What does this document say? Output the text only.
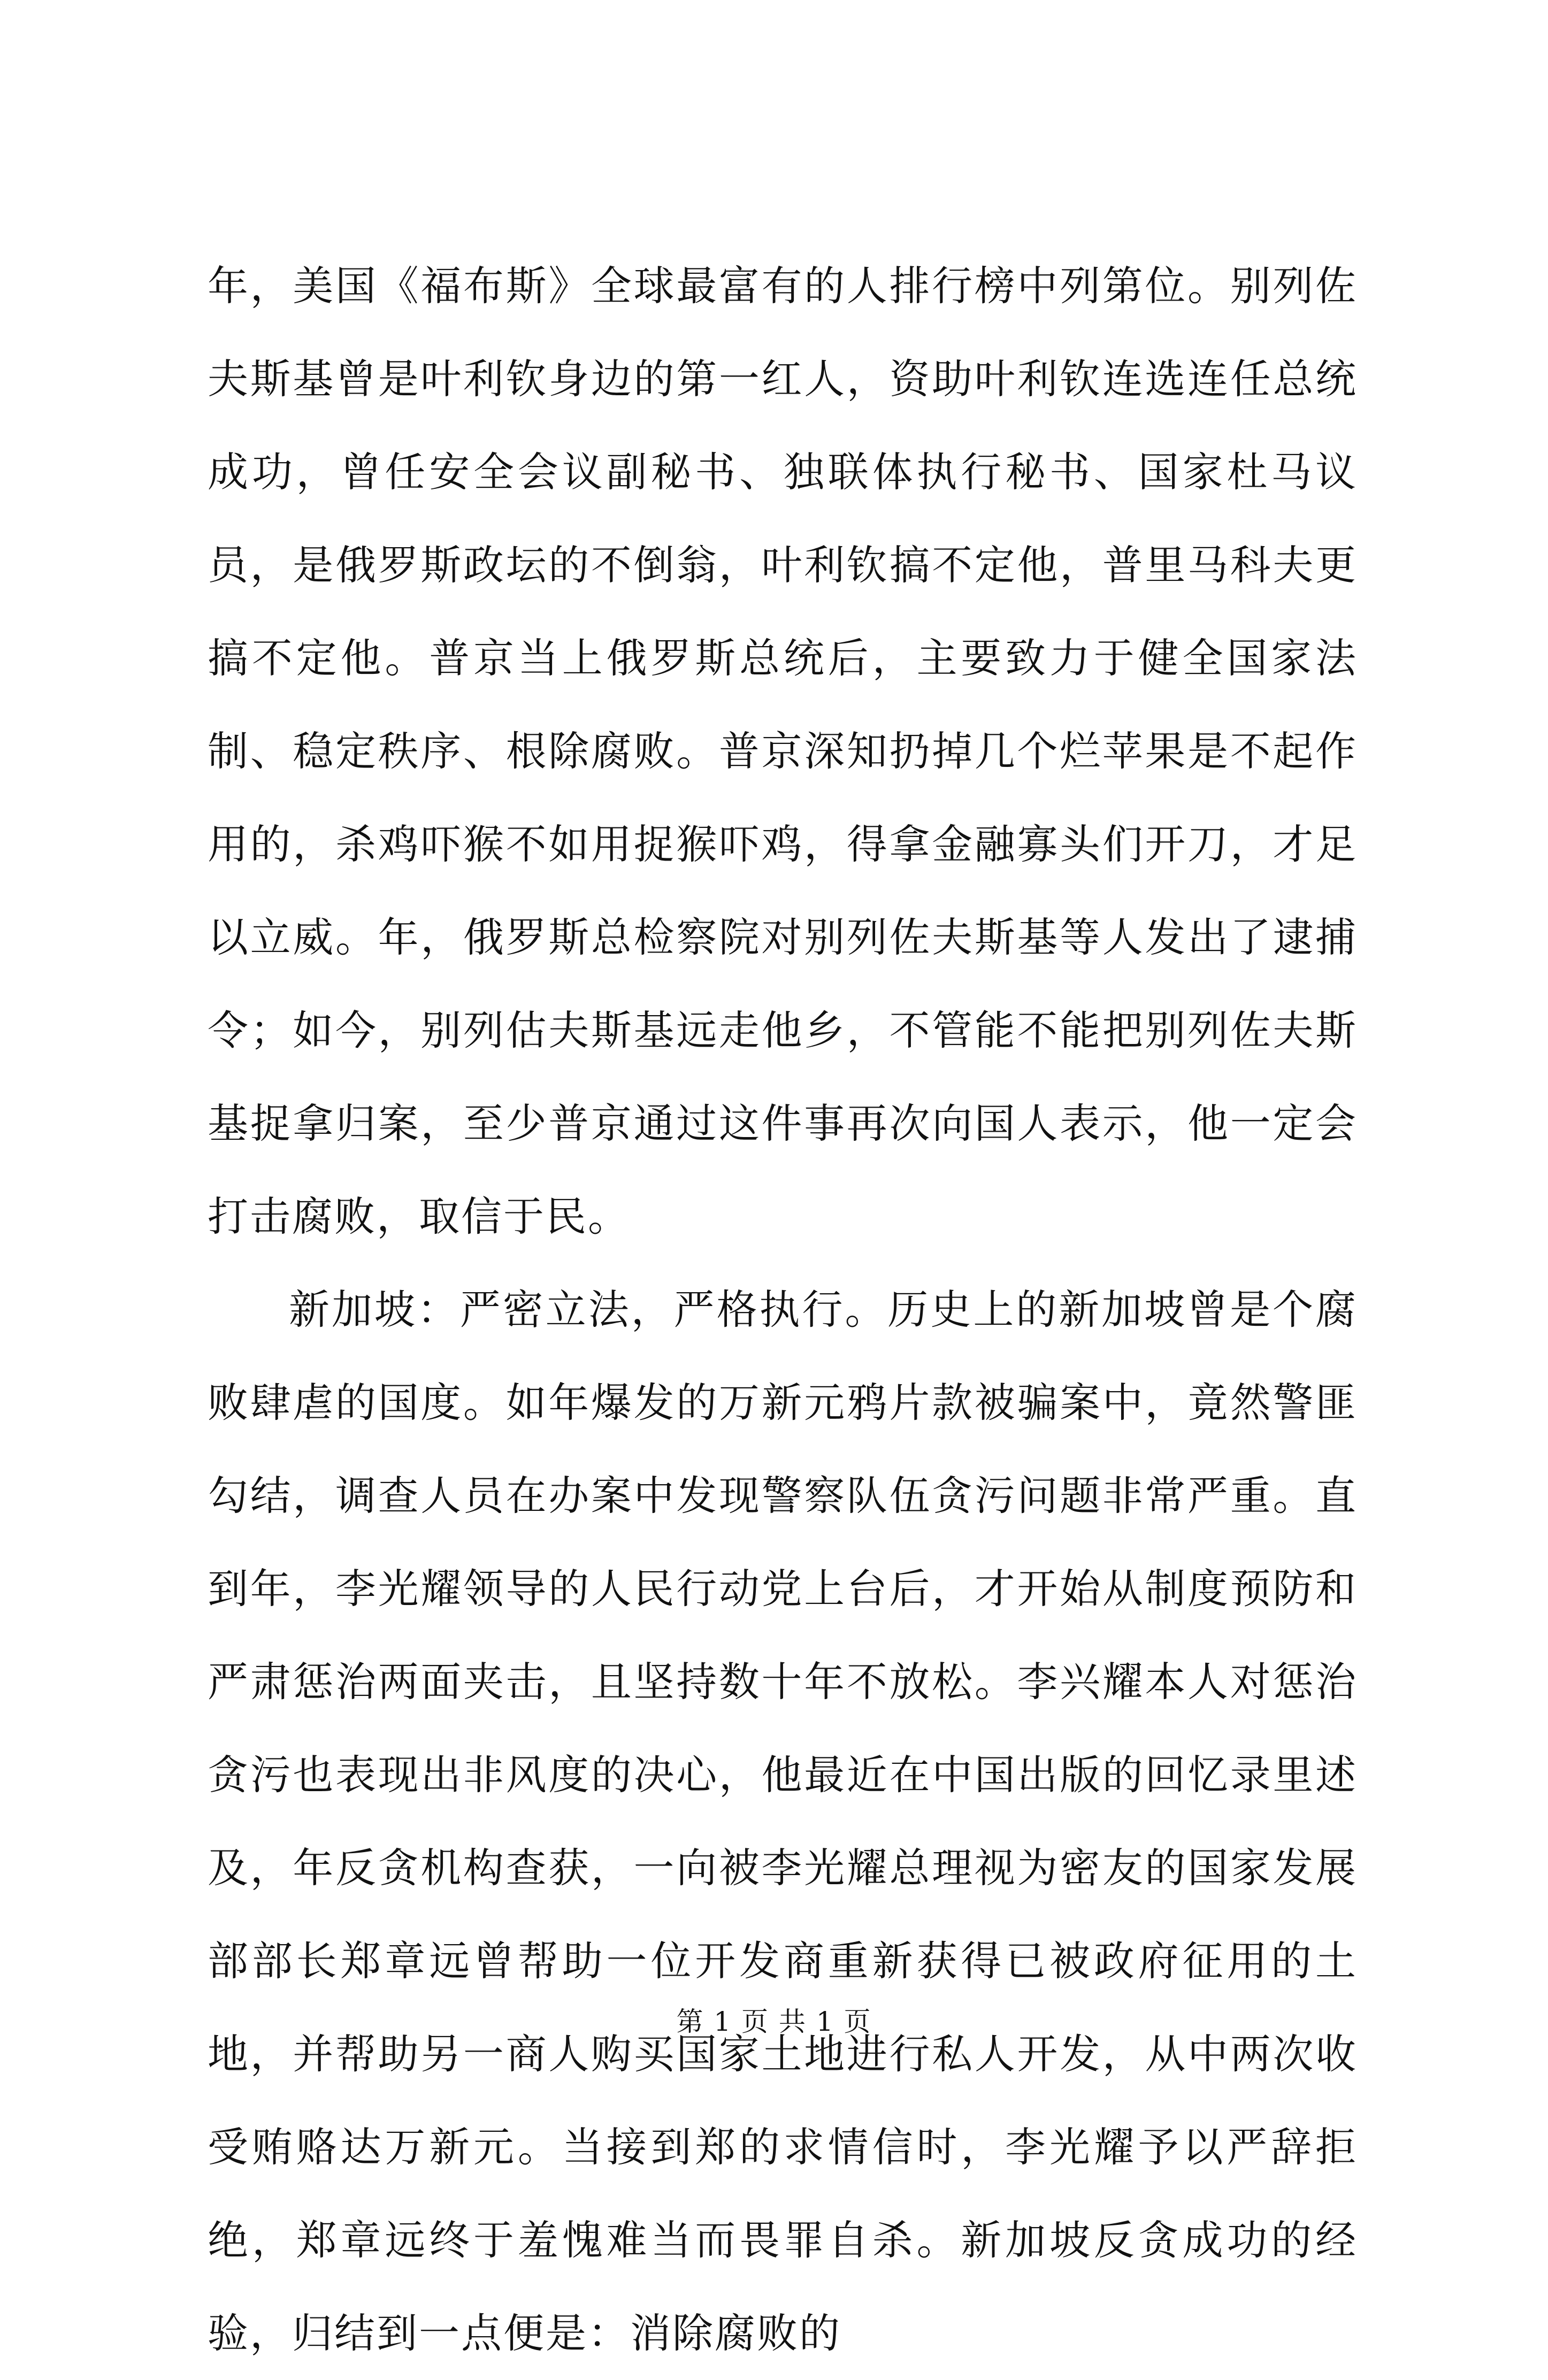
年，美国《福布斯》全球最富有的人排行榜中列第位。别列佐夫斯基曾是叶利钦身边的第一红人，资助叶利钦连选连任总统成功，曾任安全会议副秘书、独联体执行秘书、国家杜马议员，是俄罗斯政坛的不倒翁，叶利钦搞不定他，普里马科夫更搞不定他。普京当上俄罗斯总统后，主要致力于健全国家法制、稳定秩序、根除腐败。普京深知扔掉几个烂苹果是不起作用的，杀鸡吓猴不如用捉猴吓鸡，得拿金融寡头们开刀，才足以立威。年，俄罗斯总检察院对别列佐夫斯基等人发出了逮捕令；如今，别列估夫斯基远走他乡，不管能不能把别列佐夫斯基捉拿归案，至少普京通过这件事再次向国人表示，他一定会打击腐败，取信于民。

新加坡：严密立法，严格执行。历史上的新加坡曾是个腐败肆虐的国度。如年爆发的万新元鸦片款被骗案中，竟然警匪勾结，调查人员在办案中发现警察队伍贪污问题非常严重。直到年，李光耀领导的人民行动党上台后，才开始从制度预防和严肃惩治两面夹击，且坚持数十年不放松。李兴耀本人对惩治贪污也表现出非风度的决心，他最近在中国出版的回忆录里述及，年反贪机构查获，一向被李光耀总理视为密友的国家发展部部长郑章远曾帮助一位开发商重新获得已被政府征用的土地，并帮助另一商人购买国家土地进行私人开发，从中两次收受贿赂达万新元。当接到郑的求情信时，李光耀予以严辞拒绝，郑章远终于羞愧难当而畏罪自杀。新加坡反贪成功的经验，归结到一点便是：消除腐败的

第 1 页 共 1 页
